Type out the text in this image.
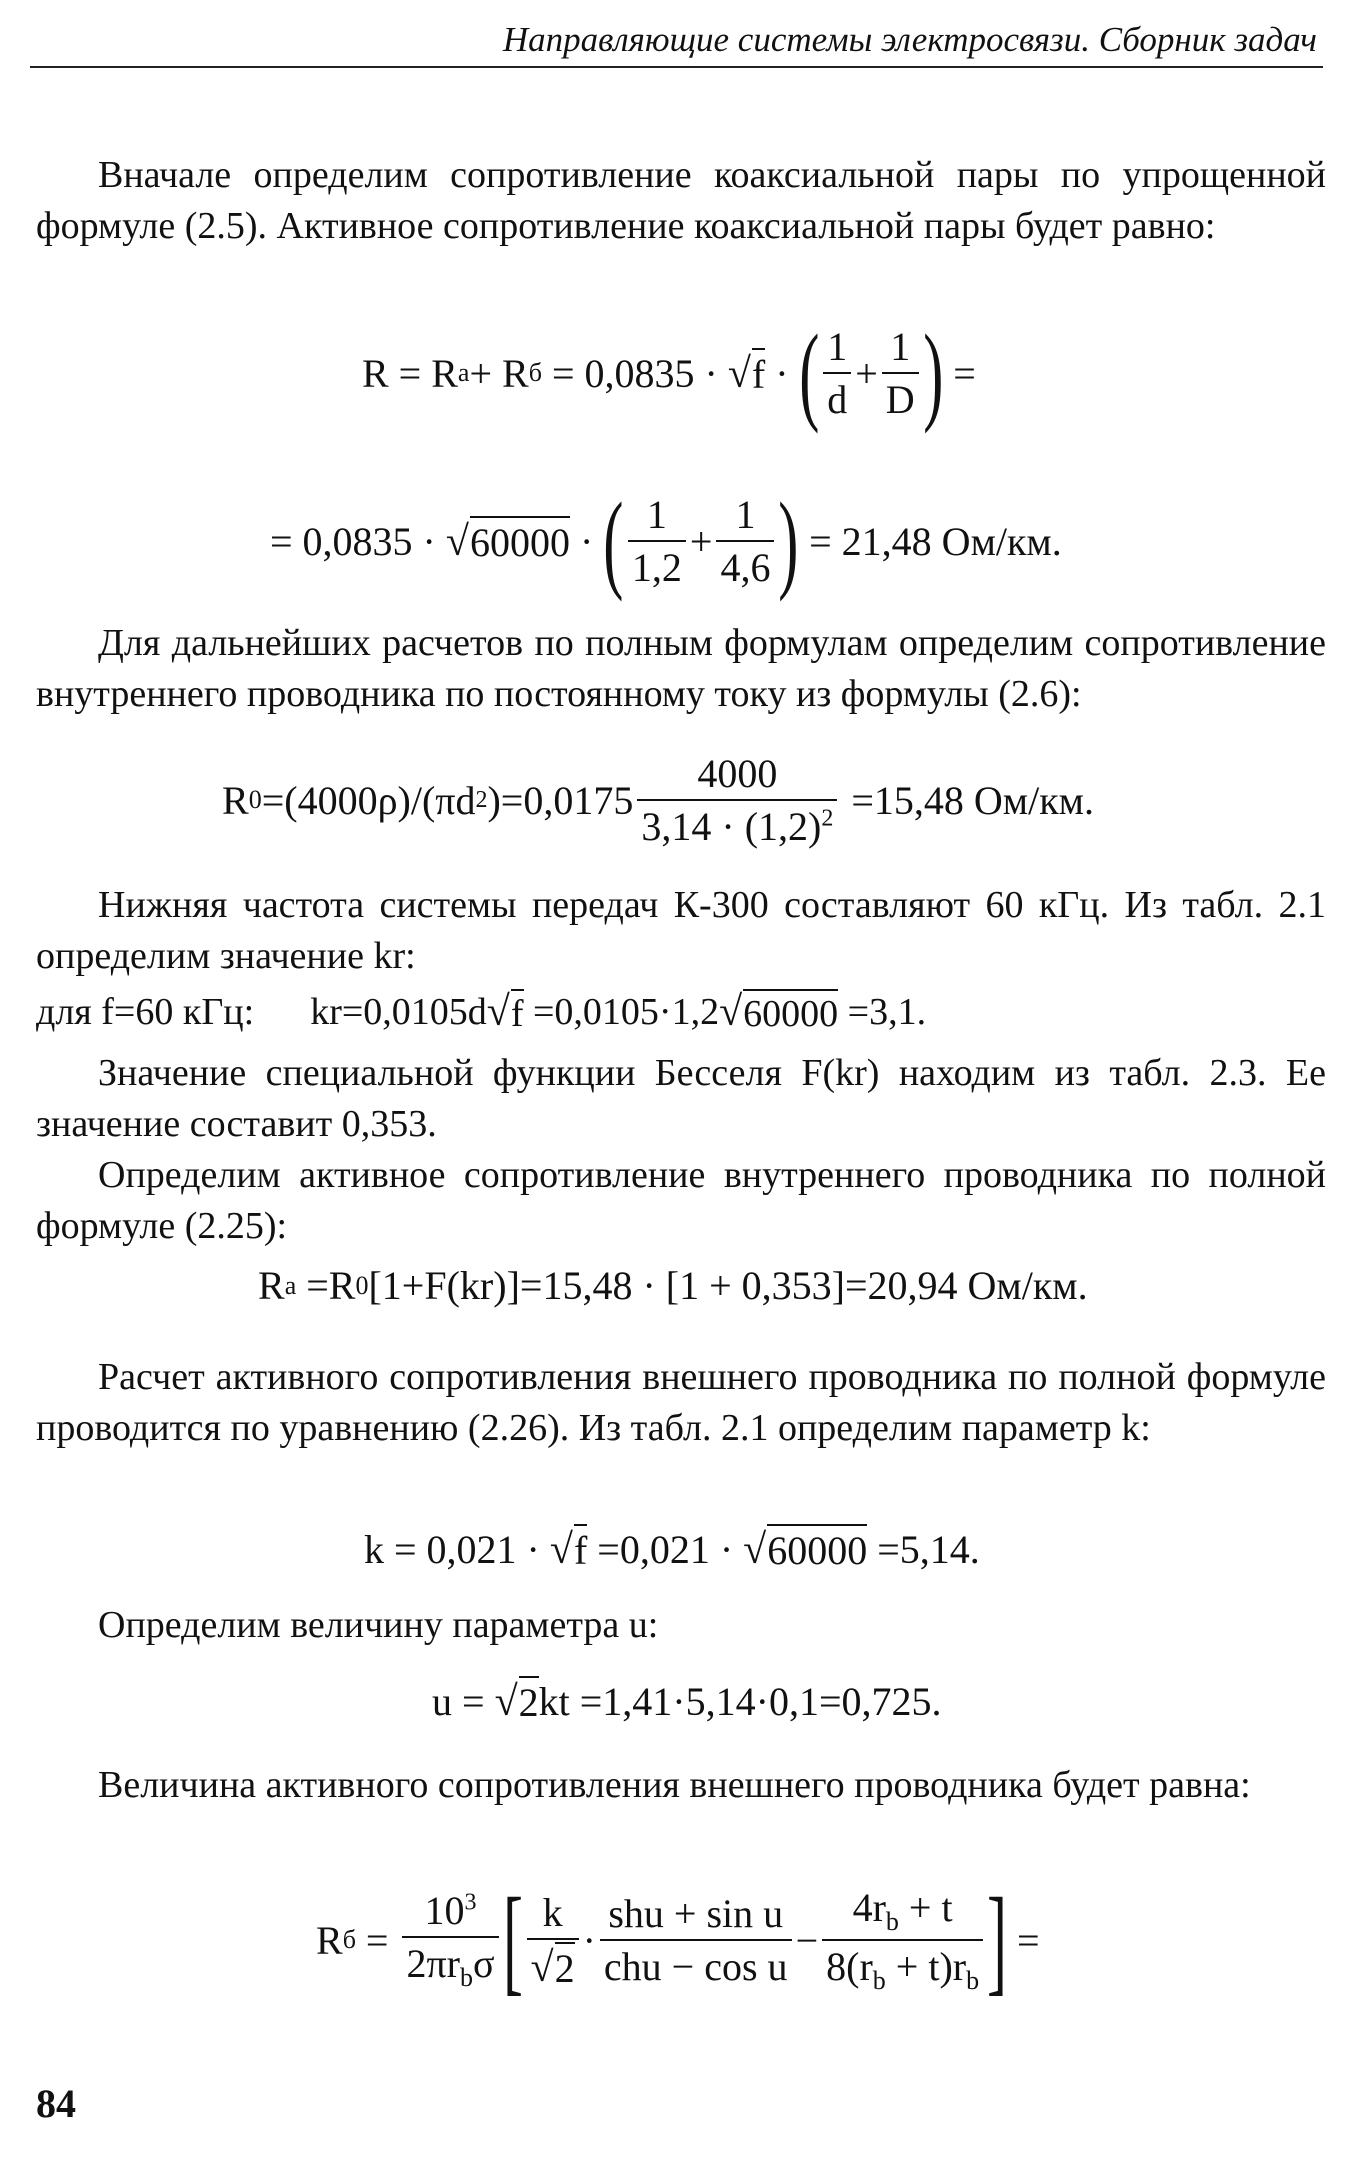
Направляющие системы электросвязи. Сборник задач

Вначале определим сопротивление коаксиальной пары по упрощенной формуле (2.5). Активное сопротивление коаксиальной пары будет равно:

R = R а + R б = 0,0835 · √ f · ( $\frac{1}{d} + \frac{1}{D}$ ) =
= 0,0835 · √ 60000 · ( $\frac{1}{1,2} + \frac{1}{4,6}$ ) = 21,48 Ом/км.

Для дальнейших расчетов по полным формулам определим сопротивление внутреннего проводника по постоянному току из формулы (2.6):

R 0 =(4000ρ)/(πd 2 )$=0,0175 \frac{4000}{3,14 \cdot (1,2)^2} =15,48$ Ом/км.

Нижняя частота системы передач К-300 составляют 60 кГц. Из табл. 2.1 определим значение kr:

для f=60 кГц: kr=0,0105d √ f =0,0105·1,2 √ 60000 =3,1.

Значение специальной функции Бесселя F(kr) находим из табл. 2.3. Ее значение составит 0,353.

Определим активное сопротивление внутреннего проводника по полной формуле (2.25):

R а =R 0 [1+F(kr)]=15,48 · [1 + 0,353]=20,94 Ом/км.

Расчет активного сопротивления внешнего проводника по полной формуле проводится по уравнению (2.26). Из табл. 2.1 определим параметр k:

k = 0,021 · √ f =0,021 · √ 60000 =5,14.

Определим величину параметра u:

u = √ 2 kt =1,41·5,14·0,1=0,725.

Величина активного сопротивления внешнего проводника будет равна:

R $б = \frac{10^3}{2\pi r_b\sigma}$ [ $\frac{k}{√ 2} \cdot \frac{\text{shu + sin u}}{\text{chu − cos u}} - \frac{4r_b + t}{8(r_b + t)r_b}$ ] =
84
